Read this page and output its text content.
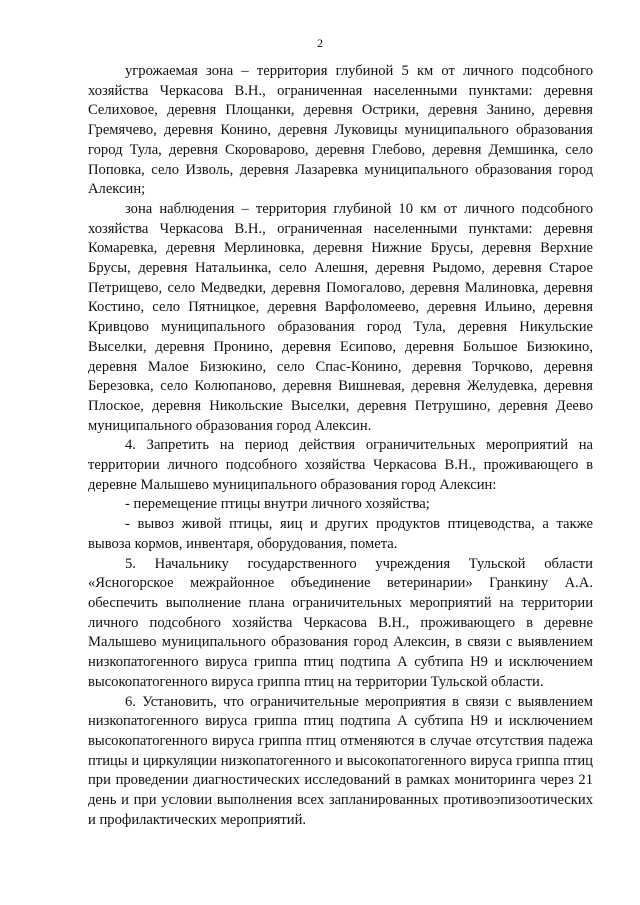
2

угрожаемая зона – территория глубиной 5 км от личного подсобного хозяйства Черкасова В.Н., ограниченная населенными пунктами: деревня Селиховое, деревня Площанки, деревня Острики, деревня Занино, деревня Гремячево, деревня Конино, деревня Луковицы муниципального образования город Тула, деревня Скороварово, деревня Глебово, деревня Демшинка, село Поповка, село Изволь, деревня Лазаревка муниципального образования город Алексин;

зона наблюдения – территория глубиной 10 км от личного подсобного хозяйства Черкасова В.Н., ограниченная населенными пунктами: деревня Комаревка, деревня Мерлиновка, деревня Нижние Брусы, деревня Верхние Брусы, деревня Натальинка, село Алешня, деревня Рыдомо, деревня Старое Петрищево, село Медведки, деревня Помогалово, деревня Малиновка, деревня Костино, село Пятницкое, деревня Варфоломеево, деревня Ильино, деревня Кривцово муниципального образования город Тула, деревня Никульские Выселки, деревня Пронино, деревня Есипово, деревня Большое Бизюкино, деревня Малое Бизюкино, село Спас-Конино, деревня Торчково, деревня Березовка, село Колюпаново, деревня Вишневая, деревня Желудевка, деревня Плоское, деревня Никольские Выселки, деревня Петрушино, деревня Деево муниципального образования город Алексин.

4. Запретить на период действия ограничительных мероприятий на территории личного подсобного хозяйства Черкасова В.Н., проживающего в деревне Малышево муниципального образования город Алексин:

- перемещение птицы внутри личного хозяйства;

- вывоз живой птицы, яиц и других продуктов птицеводства, а также вывоза кормов, инвентаря, оборудования, помета.

5. Начальнику государственного учреждения Тульской области «Ясногорское межрайонное объединение ветеринарии» Гранкину А.А. обеспечить выполнение плана ограничительных мероприятий на территории личного подсобного хозяйства Черкасова В.Н., проживающего в деревне Малышево муниципального образования город Алексин, в связи с выявлением низкопатогенного вируса гриппа птиц подтипа А субтипа Н9 и исключением высокопатогенного вируса гриппа птиц на территории Тульской области.

6. Установить, что ограничительные мероприятия в связи с выявлением низкопатогенного вируса гриппа птиц подтипа А субтипа Н9 и исключением высокопатогенного вируса гриппа птиц отменяются в случае отсутствия падежа птицы и циркуляции низкопатогенного и высокопатогенного вируса гриппа птиц при проведении диагностических исследований в рамках мониторинга через 21 день и при условии выполнения всех запланированных противоэпизоотических и профилактических мероприятий.
